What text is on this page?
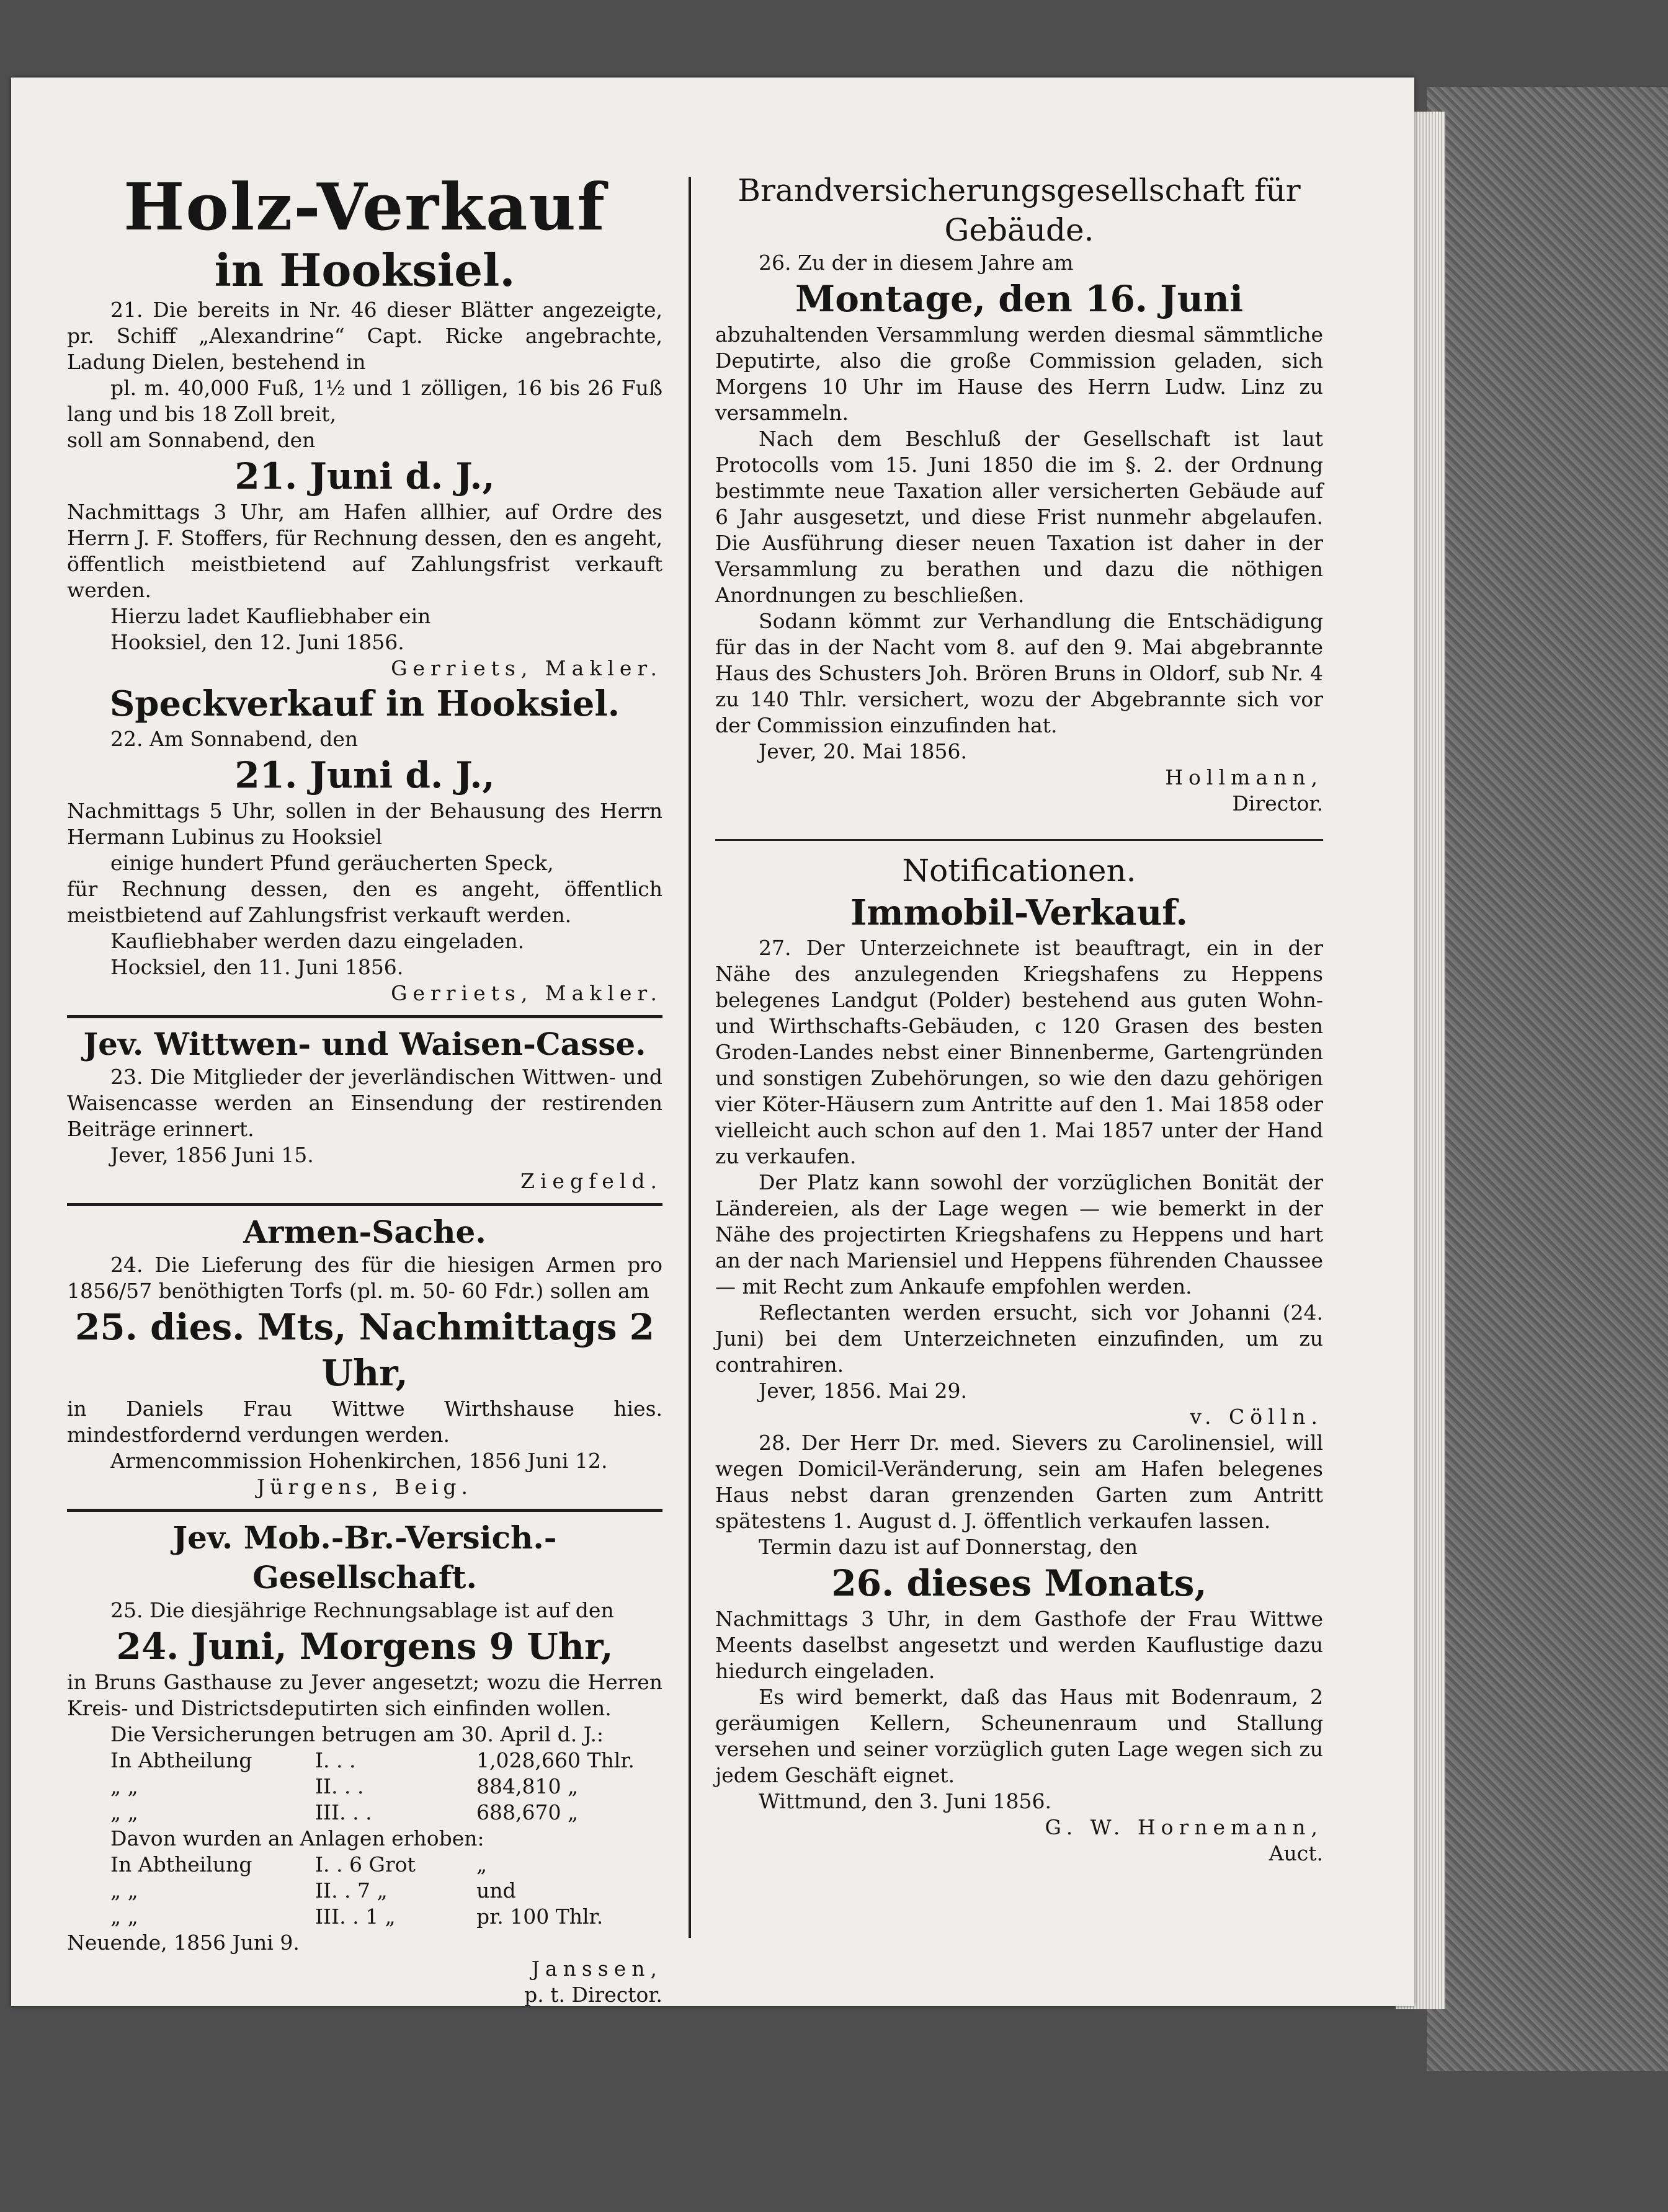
Holz-Verkauf
in Hooksiel.

21. Die bereits in Nr. 46 dieser Blätter angezeigte, pr. Schiff „Alexandrine“ Capt. Ricke angebrachte, Ladung Dielen, bestehend in

pl. m. 40,000 Fuß, 1½ und 1 zölligen, 16 bis 26 Fuß lang und bis 18 Zoll breit,

soll am Sonnabend, den

21. Juni d. J.,

Nachmittags 3 Uhr, am Hafen allhier, auf Ordre des Herrn J. F. Stoffers, für Rechnung dessen, den es angeht, öffentlich meistbietend auf Zahlungsfrist verkauft werden.

Hierzu ladet Kaufliebhaber ein

Hooksiel, den 12. Juni 1856.

Gerriets, Makler.

Speckverkauf in Hooksiel.

22. Am Sonnabend, den

21. Juni d. J.,

Nachmittags 5 Uhr, sollen in der Behausung des Herrn Hermann Lubinus zu Hooksiel

einige hundert Pfund geräucherten Speck,

für Rechnung dessen, den es angeht, öffentlich meistbietend auf Zahlungsfrist verkauft werden.

Kaufliebhaber werden dazu eingeladen.

Hocksiel, den 11. Juni 1856.

Gerriets, Makler.

Jev. Wittwen- und Waisen-Casse.

23. Die Mitglieder der jeverländischen Wittwen- und Waisencasse werden an Einsendung der restirenden Beiträge erinnert.

Jever, 1856 Juni 15.

Ziegfeld.

Armen-Sache.

24. Die Lieferung des für die hiesigen Armen pro 1856/57 benöthigten Torfs (pl. m. 50- 60 Fdr.) sollen am

25. dies. Mts, Nachmittags 2 Uhr,

in Daniels Frau Wittwe Wirthshause hies. mindestfordernd verdungen werden.

Armencommission Hohenkirchen, 1856 Juni 12.

Jürgens, Beig.

Jev. Mob.-Br.-Versich.-Gesellschaft.

25. Die diesjährige Rechnungsablage ist auf den

24. Juni, Morgens 9 Uhr,

in Bruns Gasthause zu Jever angesetzt; wozu die Herren Kreis- und Districtsdeputirten sich einfinden wollen.

Die Versicherungen betrugen am 30. April d. J.:

In Abtheilung	I. . .	1,028,660 Thlr.
„ „	II. . .	884,810 „
„ „	III. . .	688,670 „

Davon wurden an Anlagen erhoben:

In Abtheilung	I. . 6 Grot	„
„ „	II. . 7 „	und
„ „	III. . 1 „	pr. 100 Thlr.

Neuende, 1856 Juni 9.

Janssen,

p. t. Director.

Brandversicherungsgesellschaft für
Gebäude.

26. Zu der in diesem Jahre am

Montage, den 16. Juni

abzuhaltenden Versammlung werden diesmal sämmtliche Deputirte, also die große Commission geladen, sich Morgens 10 Uhr im Hause des Herrn Ludw. Linz zu versammeln.

Nach dem Beschluß der Gesellschaft ist laut Protocolls vom 15. Juni 1850 die im §. 2. der Ordnung bestimmte neue Taxation aller versicherten Gebäude auf 6 Jahr ausgesetzt, und diese Frist nunmehr abgelaufen. Die Ausführung dieser neuen Taxation ist daher in der Versammlung zu berathen und dazu die nöthigen Anordnungen zu beschließen.

Sodann kömmt zur Verhandlung die Entschädigung für das in der Nacht vom 8. auf den 9. Mai abgebrannte Haus des Schusters Joh. Brören Bruns in Oldorf, sub Nr. 4 zu 140 Thlr. versichert, wozu der Abgebrannte sich vor der Commission einzufinden hat.

Jever, 20. Mai 1856.

Hollmann,

Director.

Notificationen.
Immobil-Verkauf.

27. Der Unterzeichnete ist beauftragt, ein in der Nähe des anzulegenden Kriegshafens zu Heppens belegenes Landgut (Polder) bestehend aus guten Wohn- und Wirthschafts-Gebäuden, c 120 Grasen des besten Groden-Landes nebst einer Binnenberme, Gartengründen und sonstigen Zubehörungen, so wie den dazu gehörigen vier Köter-Häusern zum Antritte auf den 1. Mai 1858 oder vielleicht auch schon auf den 1. Mai 1857 unter der Hand zu verkaufen.

Der Platz kann sowohl der vorzüglichen Bonität der Ländereien, als der Lage wegen — wie bemerkt in der Nähe des projectirten Kriegshafens zu Heppens und hart an der nach Mariensiel und Heppens führenden Chaussee — mit Recht zum Ankaufe empfohlen werden.

Reflectanten werden ersucht, sich vor Johanni (24. Juni) bei dem Unterzeichneten einzufinden, um zu contrahiren.

Jever, 1856. Mai 29.

v. Cölln.

28. Der Herr Dr. med. Sievers zu Carolinensiel, will wegen Domicil-Veränderung, sein am Hafen belegenes Haus nebst daran grenzenden Garten zum Antritt spätestens 1. August d. J. öffentlich verkaufen lassen.

Termin dazu ist auf Donnerstag, den

26. dieses Monats,

Nachmittags 3 Uhr, in dem Gasthofe der Frau Wittwe Meents daselbst angesetzt und werden Kauflustige dazu hiedurch eingeladen.

Es wird bemerkt, daß das Haus mit Bodenraum, 2 geräumigen Kellern, Scheunenraum und Stallung versehen und seiner vorzüglich guten Lage wegen sich zu jedem Geschäft eignet.

Wittmund, den 3. Juni 1856.

G. W. Hornemann,

Auct.
